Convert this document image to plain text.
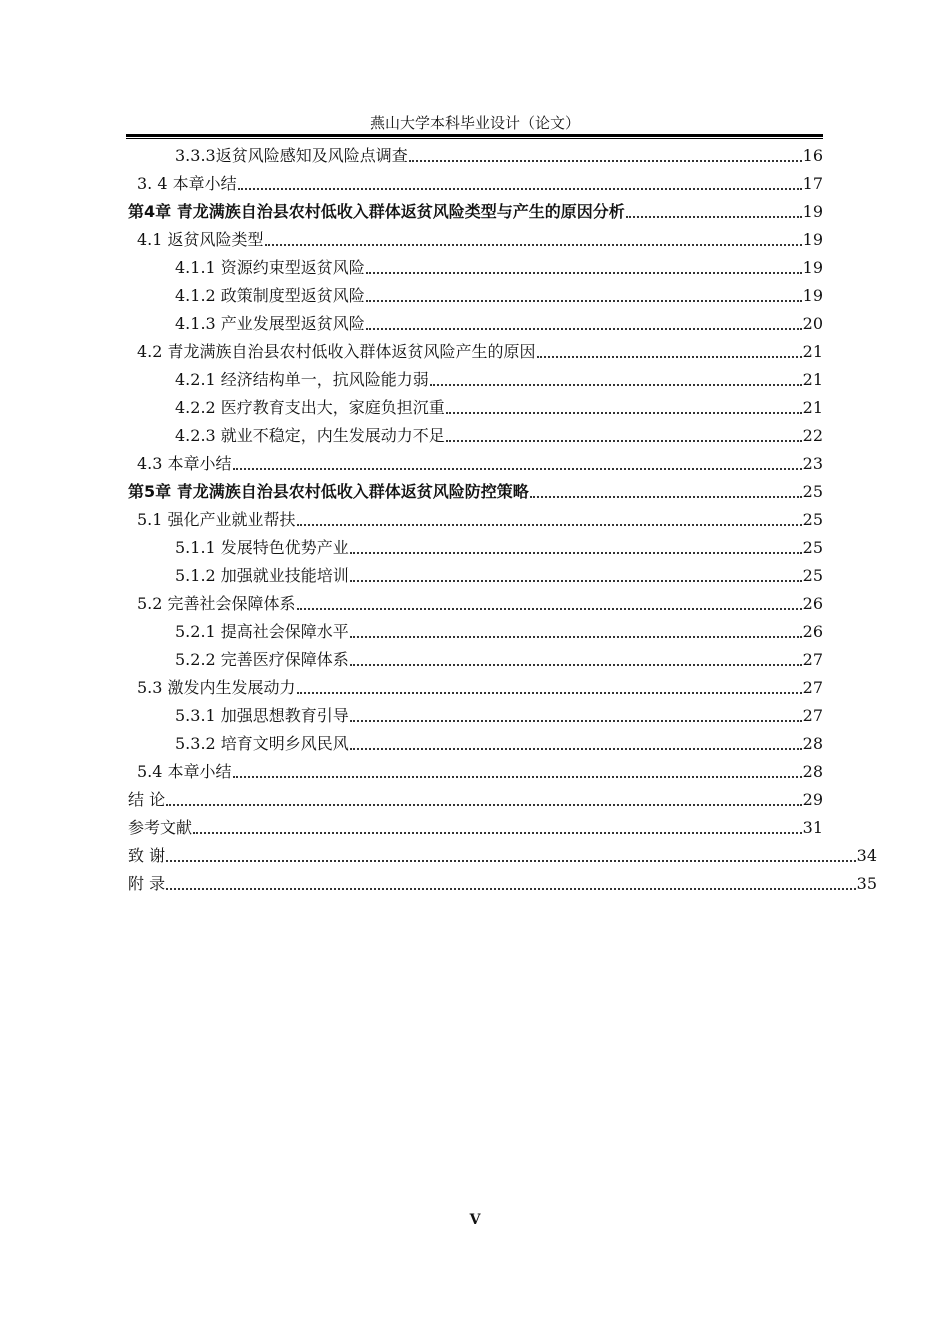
燕山大学本科毕业设计（论文）
3.3.3返贫风险感知及风险点调查	16
3. 4 本章小结	17
第4章 青龙满族自治县农村低收入群体返贫风险类型与产生的原因分析	19
4.1 返贫风险类型	19
4.1.1 资源约束型返贫风险	19
4.1.2 政策制度型返贫风险	19
4.1.3 产业发展型返贫风险	20
4.2 青龙满族自治县农村低收入群体返贫风险产生的原因	21
4.2.1 经济结构单一，抗风险能力弱	21
4.2.2 医疗教育支出大，家庭负担沉重	21
4.2.3 就业不稳定，内生发展动力不足	22
4.3 本章小结	23
第5章 青龙满族自治县农村低收入群体返贫风险防控策略	25
5.1 强化产业就业帮扶	25
5.1.1 发展特色优势产业	25
5.1.2 加强就业技能培训	25
5.2 完善社会保障体系	26
5.2.1 提高社会保障水平	26
5.2.2 完善医疗保障体系	27
5.3 激发内生发展动力	27
5.3.1 加强思想教育引导	27
5.3.2 培育文明乡风民风	28
5.4 本章小结	28
结 论	29
参考文献	31
致 谢	34
附 录	35
V
